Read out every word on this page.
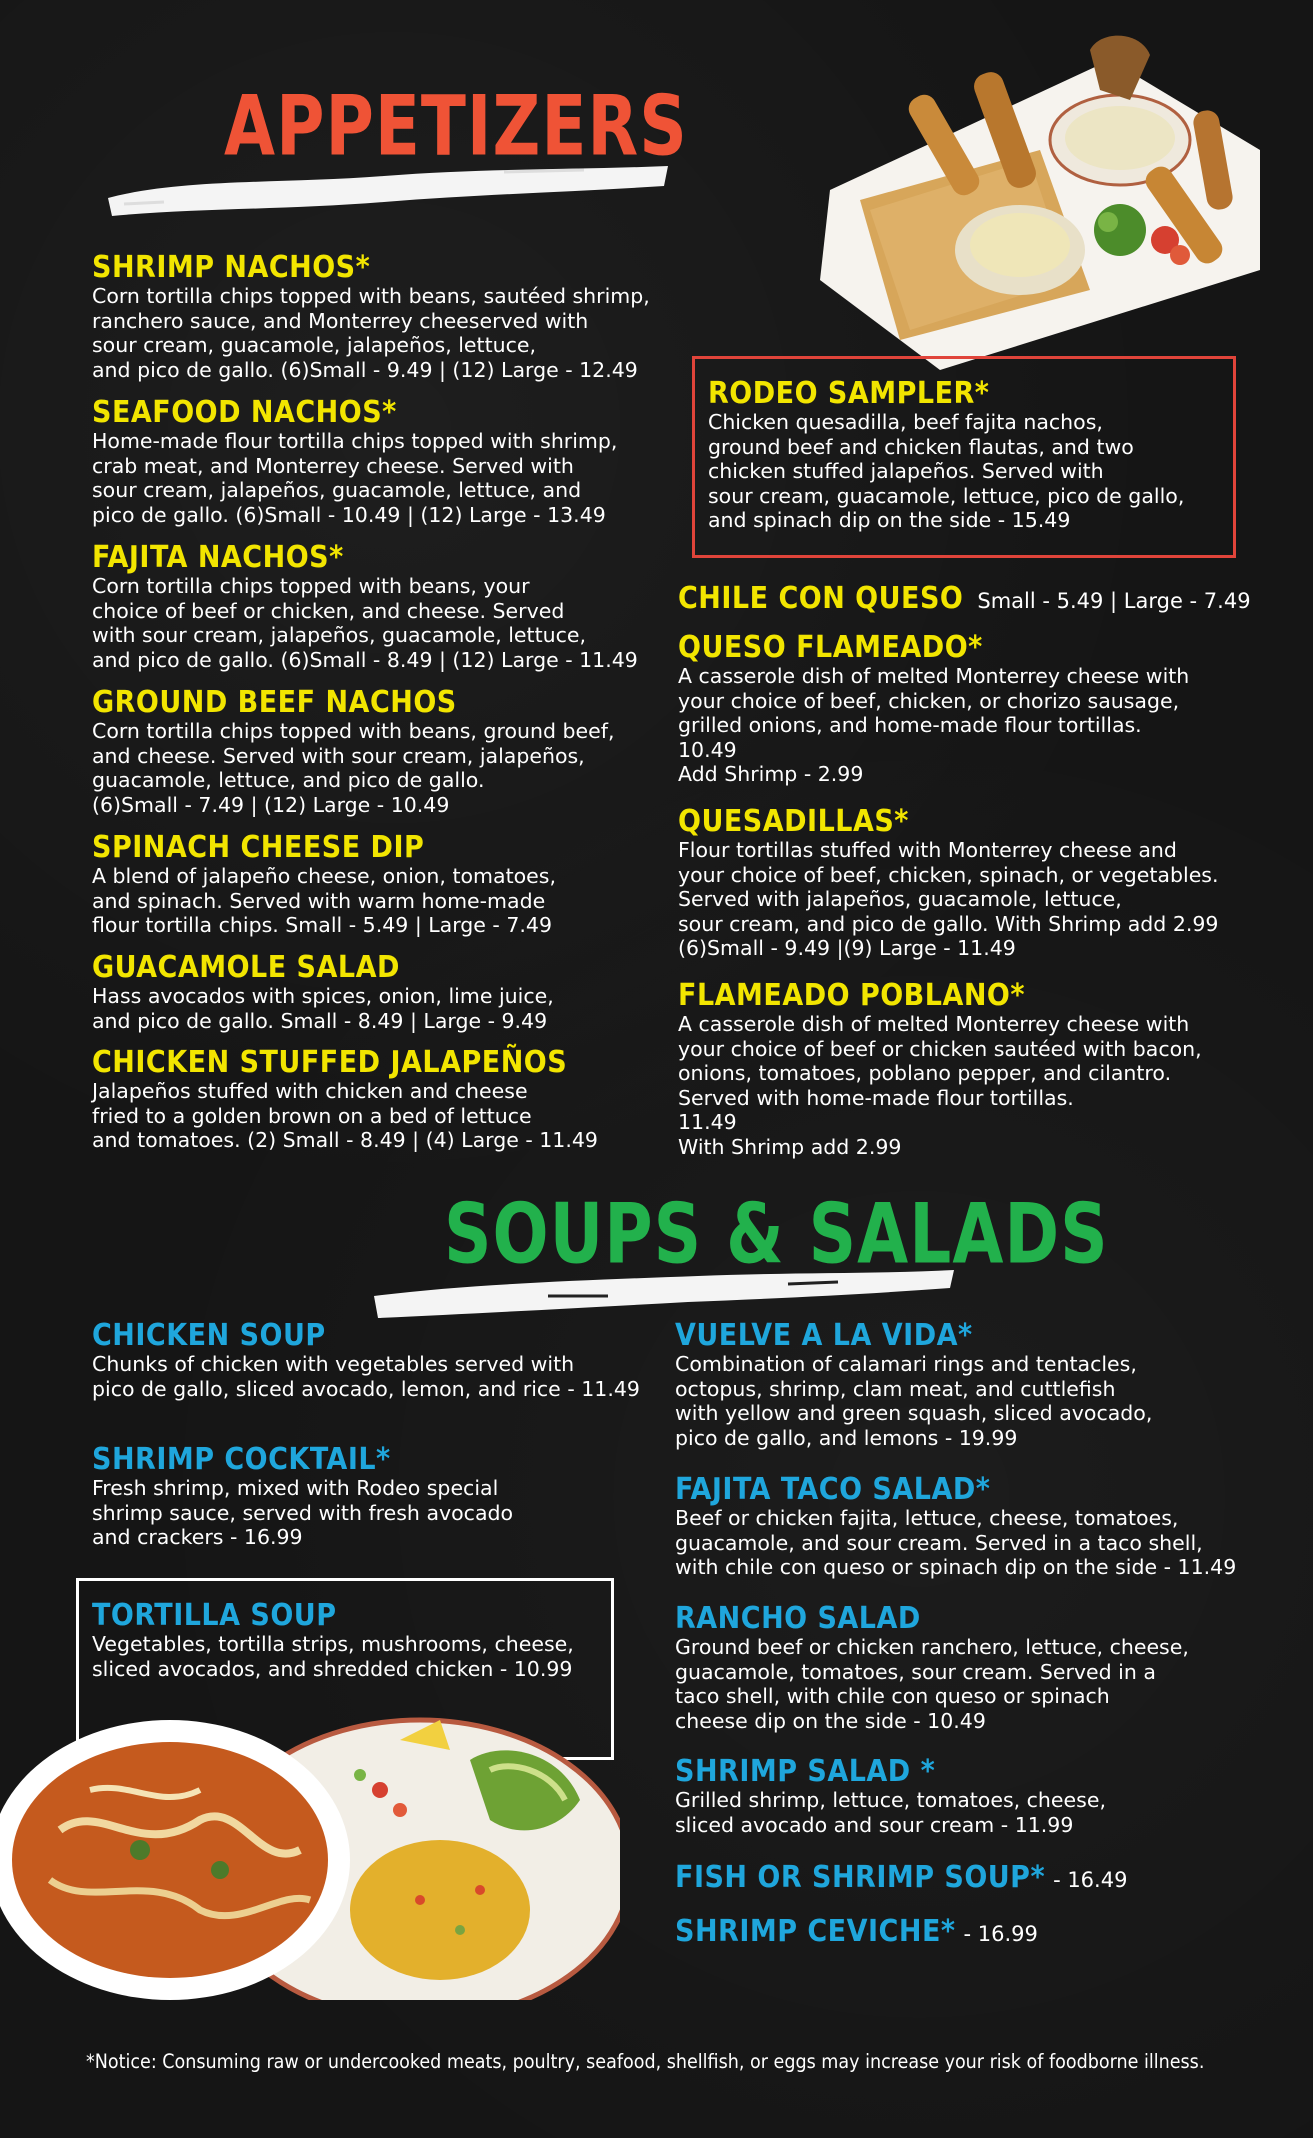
APPETIZERS
SHRIMP NACHOS*
Corn tortilla chips topped with beans, sautéed shrimp,
ranchero sauce, and Monterrey cheeserved with
sour cream, guacamole, jalapeños, lettuce,
and pico de gallo. (6)Small - 9.49 | (12) Large - 12.49
SEAFOOD NACHOS*
Home-made flour tortilla chips topped with shrimp,
crab meat, and Monterrey cheese. Served with
sour cream, jalapeños, guacamole, lettuce, and
pico de gallo. (6)Small - 10.49 | (12) Large - 13.49
FAJITA NACHOS*
Corn tortilla chips topped with beans, your
choice of beef or chicken, and cheese. Served
with sour cream, jalapeños, guacamole, lettuce,
and pico de gallo. (6)Small - 8.49 | (12) Large - 11.49
GROUND BEEF NACHOS
Corn tortilla chips topped with beans, ground beef,
and cheese. Served with sour cream, jalapeños,
guacamole, lettuce, and pico de gallo.
(6)Small - 7.49 | (12) Large - 10.49
SPINACH CHEESE DIP
A blend of jalapeño cheese, onion, tomatoes,
and spinach. Served with warm home-made
flour tortilla chips. Small - 5.49 | Large - 7.49
GUACAMOLE SALAD
Hass avocados with spices, onion, lime juice,
and pico de gallo. Small - 8.49 | Large - 9.49
CHICKEN STUFFED JALAPEÑOS
Jalapeños stuffed with chicken and cheese
fried to a golden brown on a bed of lettuce
and tomatoes. (2) Small - 8.49 | (4) Large - 11.49
RODEO SAMPLER*
Chicken quesadilla, beef fajita nachos,
ground beef and chicken flautas, and two
chicken stuffed jalapeños. Served with
sour cream, guacamole, lettuce, pico de gallo,
and spinach dip on the side - 15.49
CHILE CON QUESO Small - 5.49 | Large - 7.49
QUESO FLAMEADO*
A casserole dish of melted Monterrey cheese with
your choice of beef, chicken, or chorizo sausage,
grilled onions, and home-made flour tortillas.
10.49
Add Shrimp - 2.99
QUESADILLAS*
Flour tortillas stuffed with Monterrey cheese and
your choice of beef, chicken, spinach, or vegetables.
Served with jalapeños, guacamole, lettuce,
sour cream, and pico de gallo. With Shrimp add 2.99
(6)Small - 9.49 |(9) Large - 11.49
FLAMEADO POBLANO*
A casserole dish of melted Monterrey cheese with
your choice of beef or chicken sautéed with bacon,
onions, tomatoes, poblano pepper, and cilantro.
Served with home-made flour tortillas.
11.49
With Shrimp add 2.99
SOUPS & SALADS
CHICKEN SOUP
Chunks of chicken with vegetables served with
pico de gallo, sliced avocado, lemon, and rice - 11.49
SHRIMP COCKTAIL*
Fresh shrimp, mixed with Rodeo special
shrimp sauce, served with fresh avocado
and crackers - 16.99
TORTILLA SOUP
Vegetables, tortilla strips, mushrooms, cheese,
sliced avocados, and shredded chicken - 10.99
VUELVE A LA VIDA*
Combination of calamari rings and tentacles,
octopus, shrimp, clam meat, and cuttlefish
with yellow and green squash, sliced avocado,
pico de gallo, and lemons - 19.99
FAJITA TACO SALAD*
Beef or chicken fajita, lettuce, cheese, tomatoes,
guacamole, and sour cream. Served in a taco shell,
with chile con queso or spinach dip on the side - 11.49
RANCHO SALAD
Ground beef or chicken ranchero, lettuce, cheese,
guacamole, tomatoes, sour cream. Served in a
taco shell, with chile con queso or spinach
cheese dip on the side - 10.49
SHRIMP SALAD *
Grilled shrimp, lettuce, tomatoes, cheese,
sliced avocado and sour cream - 11.99
FISH OR SHRIMP SOUP* - 16.49
SHRIMP CEVICHE* - 16.99
*Notice: Consuming raw or undercooked meats, poultry, seafood, shellfish, or eggs may increase your risk of foodborne illness.
